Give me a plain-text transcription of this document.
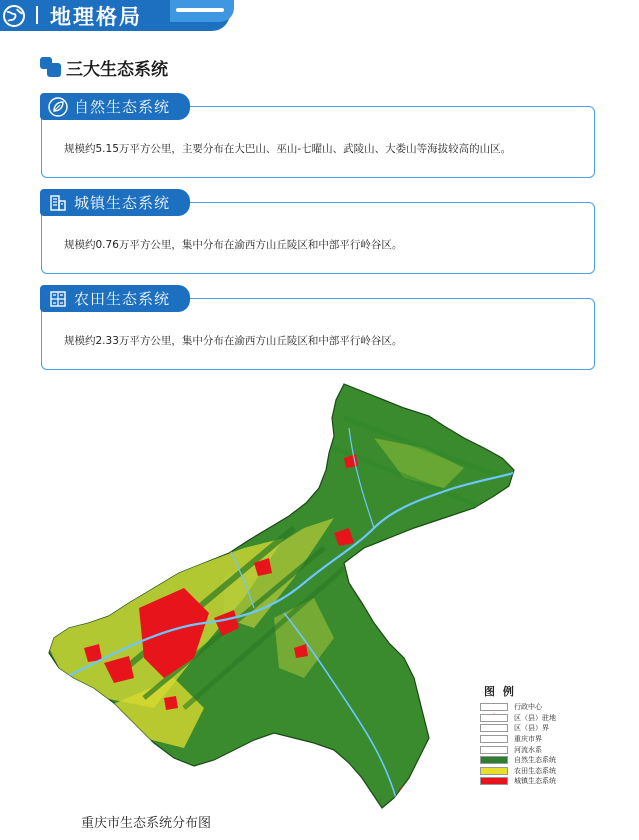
地理格局
三大生态系统
自然生态系统
规模约5.15万平方公里，主要分布在大巴山、巫山-七曜山、武陵山、大娄山等海拔较高的山区。
城镇生态系统
规模约0.76万平方公里，集中分布在渝西方山丘陵区和中部平行岭谷区。
农田生态系统
规模约2.33万平方公里，集中分布在渝西方山丘陵区和中部平行岭谷区。
图 例
行政中心
区（县）驻地
区（县）界
重庆市界
河流水系
自然生态系统
农田生态系统
城镇生态系统
重庆市生态系统分布图
